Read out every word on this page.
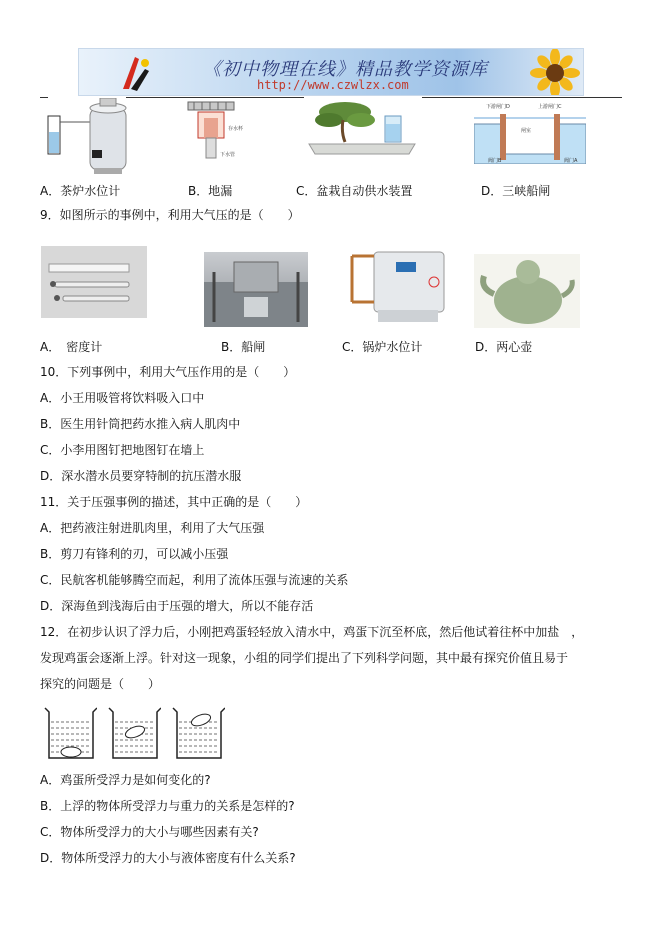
《初中物理在线》精品教学资源库
http://www.czwlzx.com
存水杯
下水管
下游闸门D	上游闸门C
闸室
阀门B	阀门A
A．茶炉水位计	B．地漏	C．盆栽自动供水装置	D．三峡船闸
9．如图所示的事例中，利用大气压的是（　　）
A．　密度计	B．船闸	C．锅炉水位计	D．两心壶
10．下列事例中，利用大气压作用的是（　　）
A．小王用吸管将饮料吸入口中
B．医生用针筒把药水推入病人肌肉中
C．小李用图钉把地图钉在墙上
D．深水潜水员要穿特制的抗压潜水服
11．关于压强事例的描述，其中正确的是（　　）
A．把药液注射进肌肉里，利用了大气压强
B．剪刀有锋利的刃，可以减小压强
C．民航客机能够腾空而起，利用了流体压强与流速的关系
D．深海鱼到浅海后由于压强的增大，所以不能存活
12．在初步认识了浮力后，小刚把鸡蛋轻轻放入清水中，鸡蛋下沉至杯底，然后他试着往杯中加盐　，
发现鸡蛋会逐渐上浮。针对这一现象，小组的同学们提出了下列科学问题，其中最有探究价值且易于
探究的问题是（　　）
A．鸡蛋所受浮力是如何变化的?
B．上浮的物体所受浮力与重力的关系是怎样的?
C．物体所受浮力的大小与哪些因素有关?
D．物体所受浮力的大小与液体密度有什么关系?
